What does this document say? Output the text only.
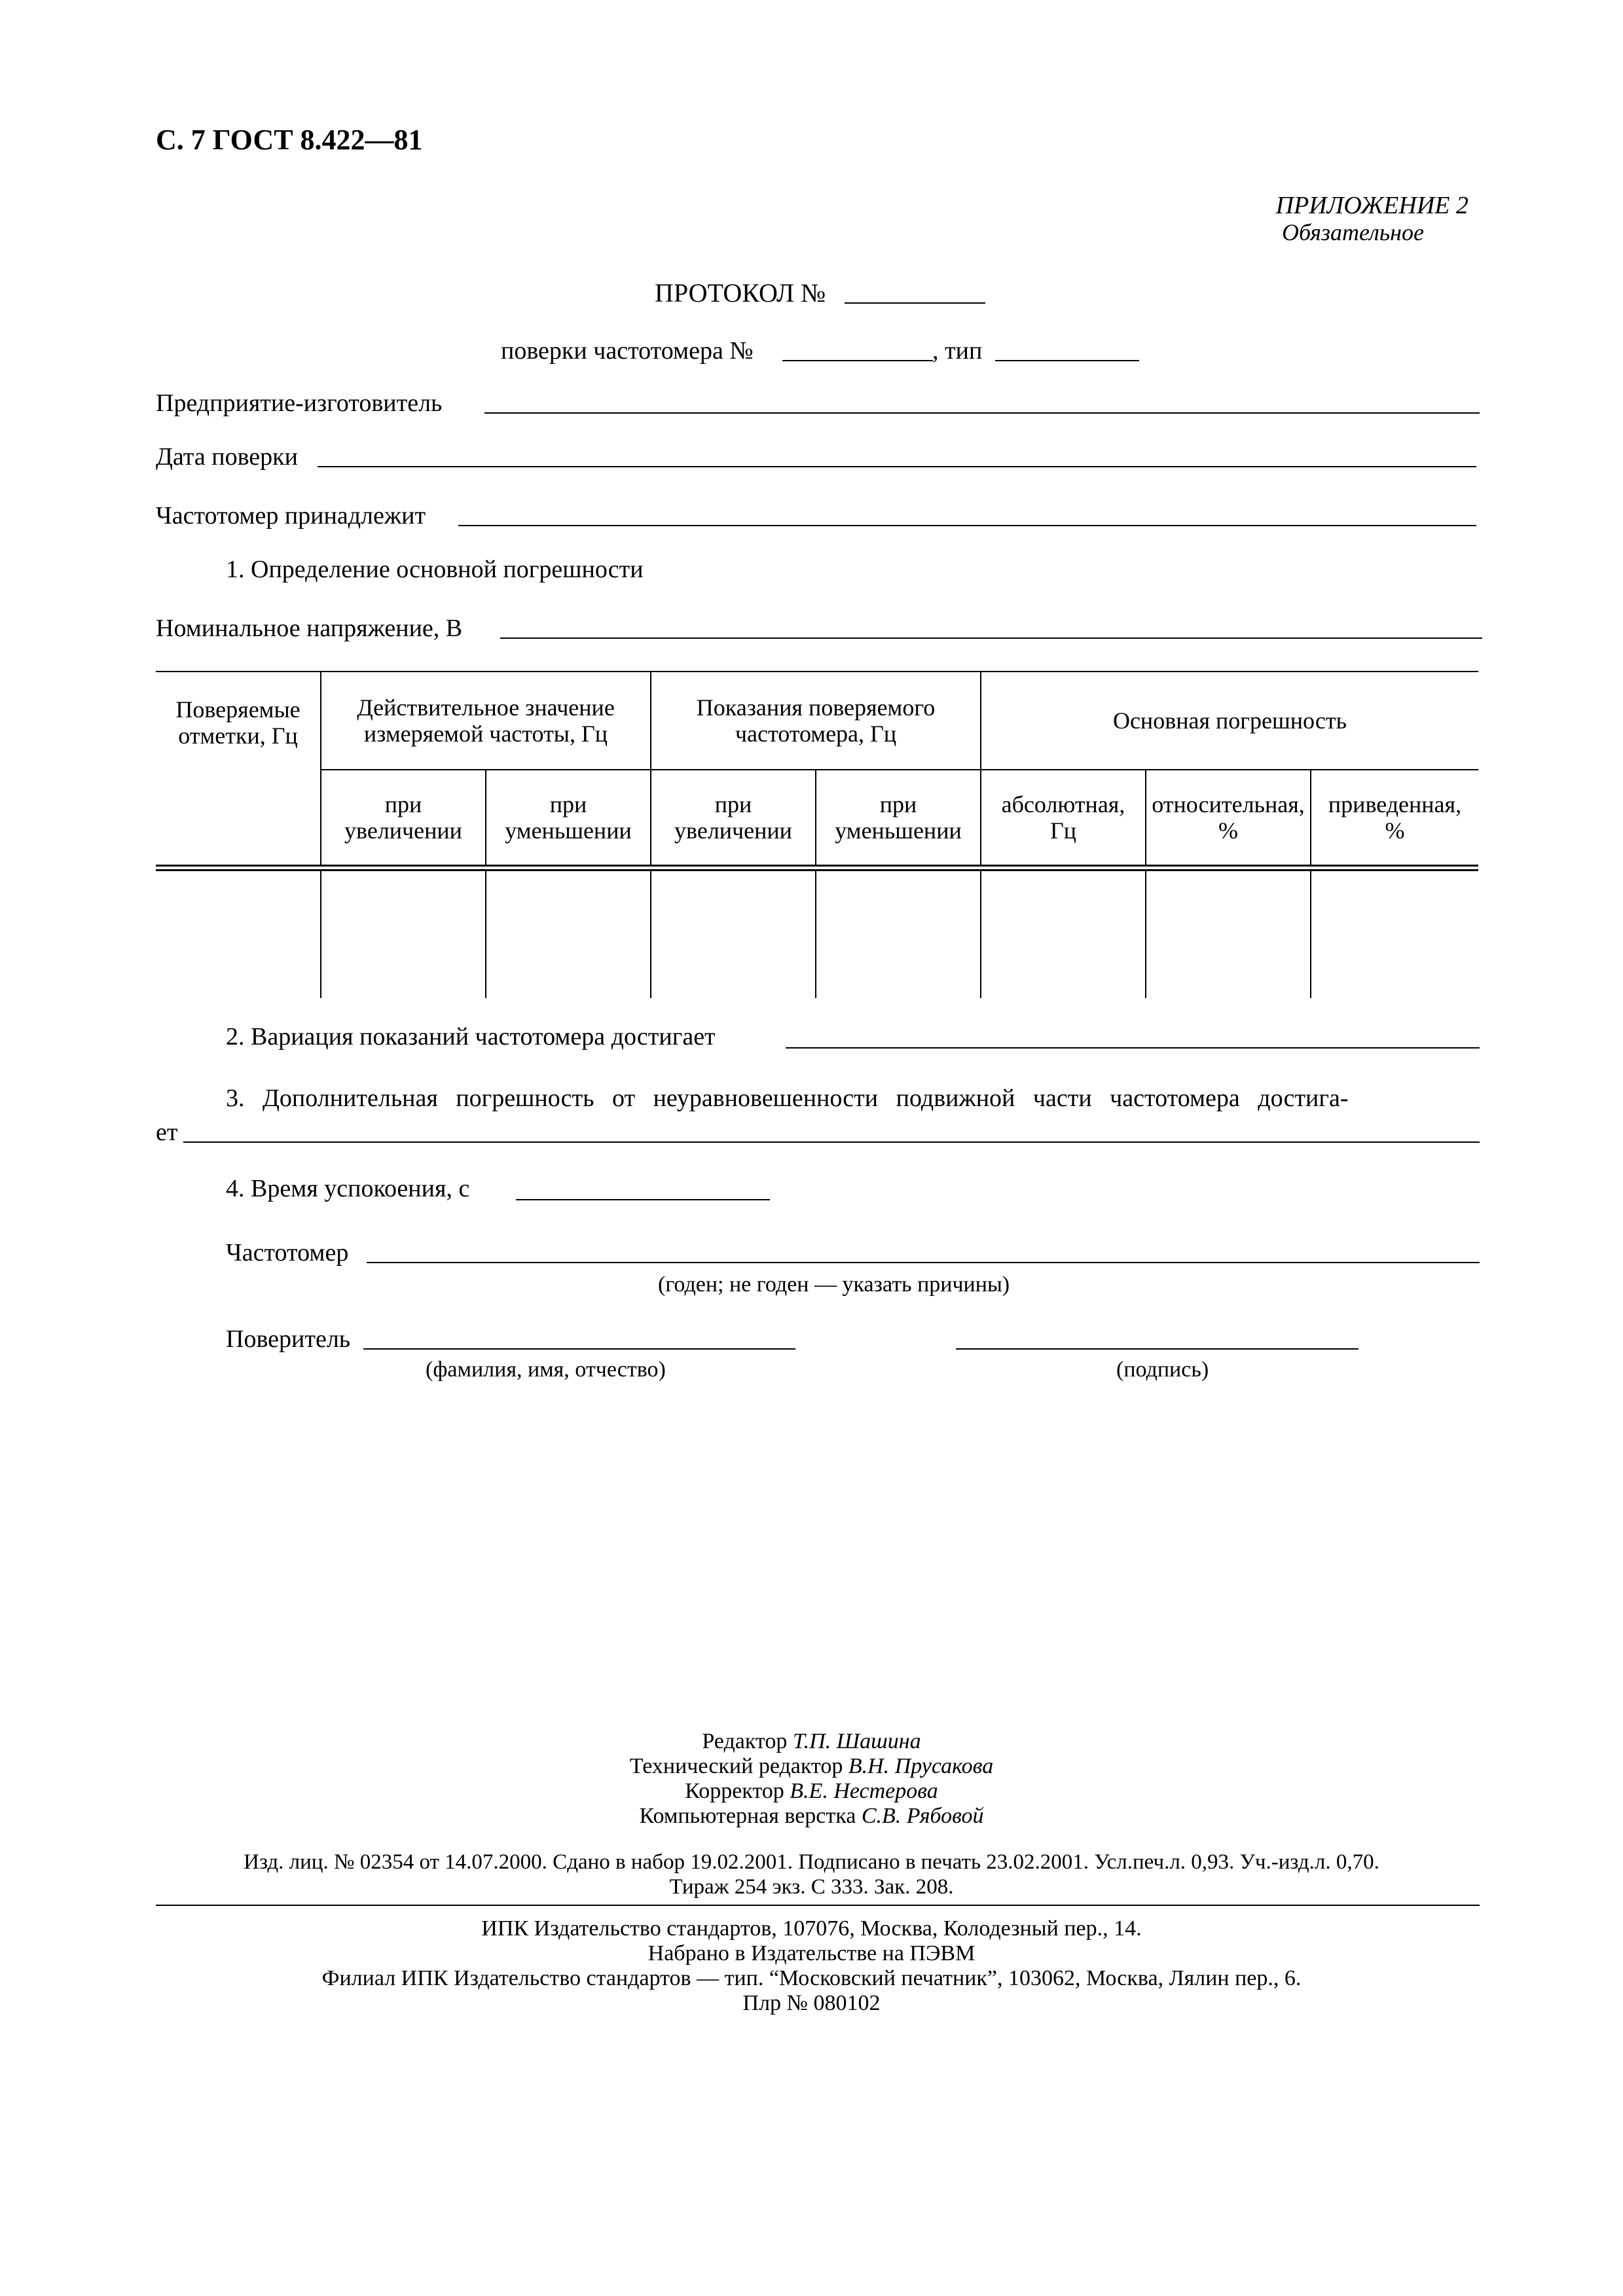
С. 7 ГОСТ 8.422—81
ПРИЛОЖЕНИЕ 2
Обязательное
ПРОТОКОЛ №
поверки частотомера №	, тип
Предприятие-изготовитель
Дата поверки
Частотомер принадлежит
1. Определение основной погрешности
Номинальное напряжение, В
Поверяемые отметки, Гц	Действительное значение измеряемой частоты, Гц		Показания поверяемого частотомера, Гц		Основная погрешность		
	при увеличении	при уменьшении	при увеличении	при уменьшении	абсолютная, Гц	относительная, %	приведенная, %

2. Вариация показаний частотомера достигает
3. Дополнительная погрешность от неуравновешенности подвижной части частотомера достига-
ет
4. Время успокоения, с
Частотомер
(годен; не годен — указать причины)
Поверитель
(фамилия, имя, отчество)	(подпись)
Редактор Т.П. Шашина
Технический редактор В.Н. Прусакова
Корректор В.Е. Нестерова
Компьютерная верстка С.В. Рябовой
Изд. лиц. № 02354 от 14.07.2000. Сдано в набор 19.02.2001. Подписано в печать 23.02.2001. Усл.печ.л. 0,93. Уч.-изд.л. 0,70.
Тираж 254 экз. С 333. Зак. 208.
ИПК Издательство стандартов, 107076, Москва, Колодезный пер., 14.
Набрано в Издательстве на ПЭВМ
Филиал ИПК Издательство стандартов — тип. “Московский печатник”, 103062, Москва, Лялин пер., 6.
Плр № 080102
